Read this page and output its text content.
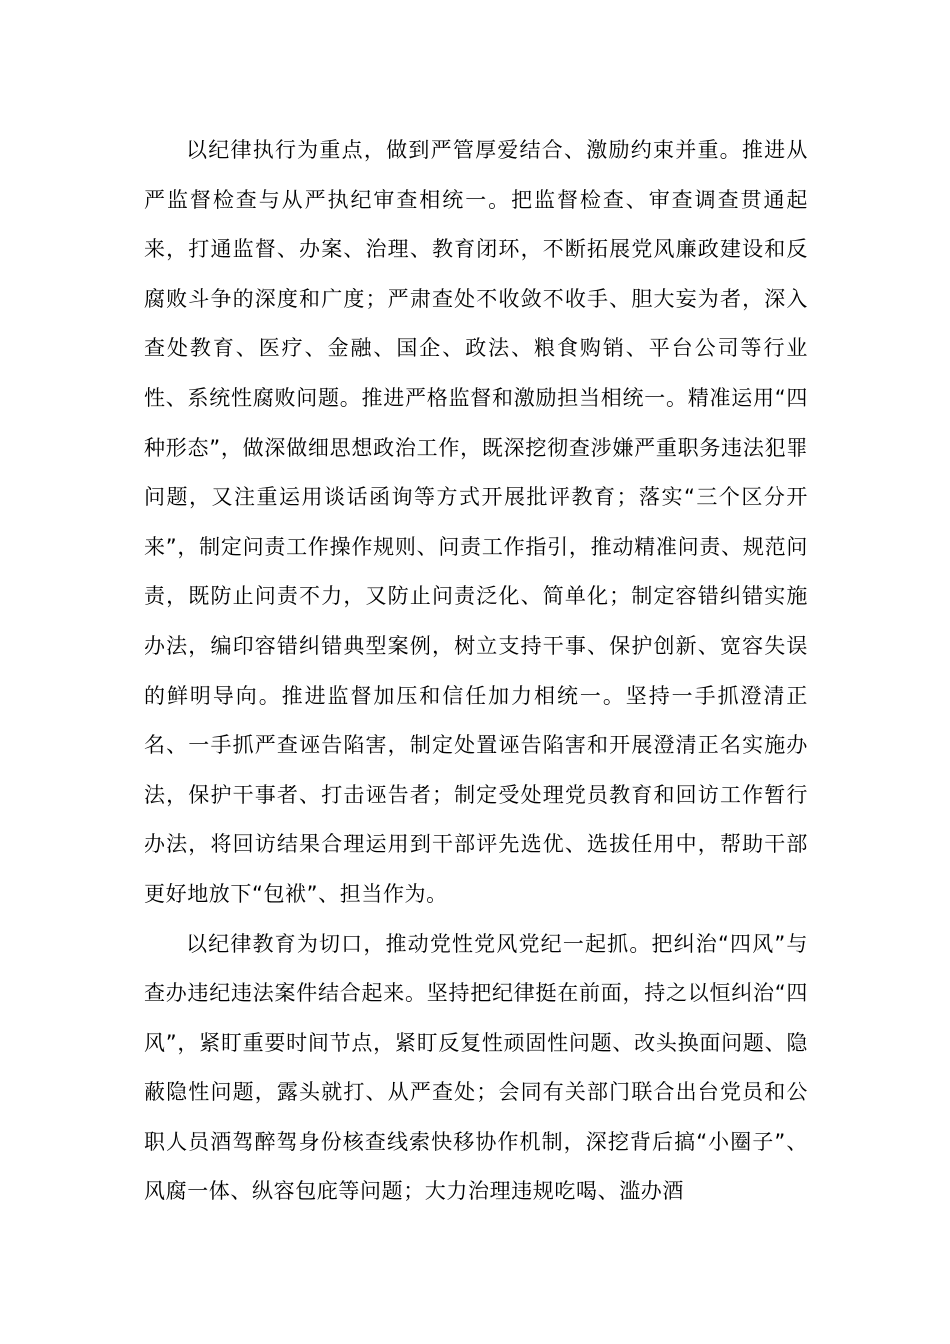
以纪律执行为重点，做到严管厚爱结合、激励约束并重。推进从严监督检查与从严执纪审查相统一。把监督检查、审查调查贯通起来，打通监督、办案、治理、教育闭环，不断拓展党风廉政建设和反腐败斗争的深度和广度；严肃查处不收敛不收手、胆大妄为者，深入查处教育、医疗、金融、国企、政法、粮食购销、平台公司等行业性、系统性腐败问题。推进严格监督和激励担当相统一。精准运用“四种形态”，做深做细思想政治工作，既深挖彻查涉嫌严重职务违法犯罪问题，又注重运用谈话函询等方式开展批评教育；落实“三个区分开来”，制定问责工作操作规则、问责工作指引，推动精准问责、规范问责，既防止问责不力，又防止问责泛化、简单化；制定容错纠错实施办法，编印容错纠错典型案例，树立支持干事、保护创新、宽容失误的鲜明导向。推进监督加压和信任加力相统一。坚持一手抓澄清正名、一手抓严查诬告陷害，制定处置诬告陷害和开展澄清正名实施办法，保护干事者、打击诬告者；制定受处理党员教育和回访工作暂行办法，将回访结果合理运用到干部评先选优、选拔任用中，帮助干部更好地放下“包袱”、担当作为。

以纪律教育为切口，推动党性党风党纪一起抓。把纠治“四风”与查办违纪违法案件结合起来。坚持把纪律挺在前面，持之以恒纠治“四风”，紧盯重要时间节点，紧盯反复性顽固性问题、改头换面问题、隐蔽隐性问题，露头就打、从严查处；会同有关部门联合出台党员和公职人员酒驾醉驾身份核查线索快移协作机制，深挖背后搞“小圈子”、风腐一体、纵容包庇等问题；大力治理违规吃喝、滥办酒
